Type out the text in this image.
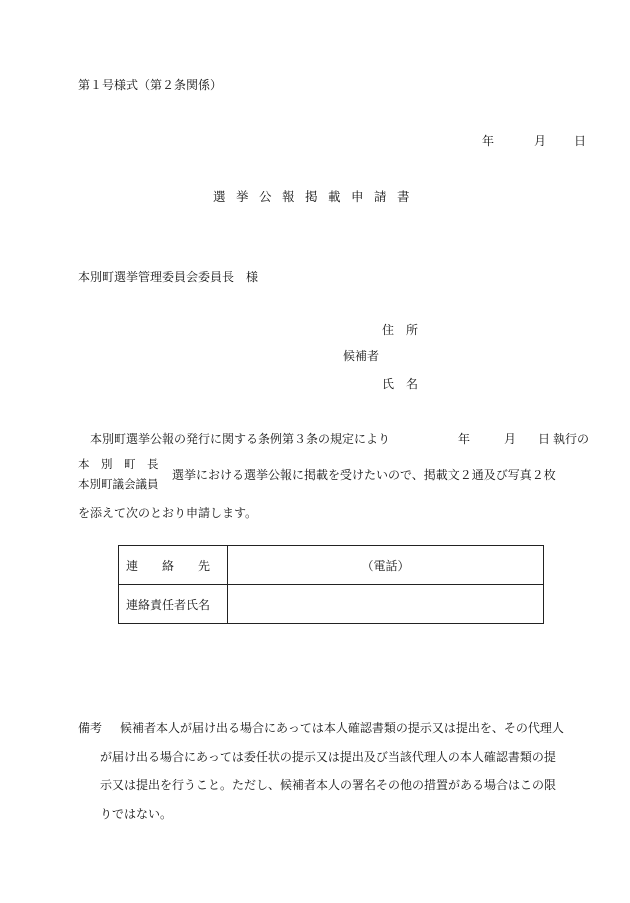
第１号様式（第２条関係）
年	月 日
選挙公報掲載申請書
本別町選挙管理委員会委員長　様
住　所
候補者
氏　名
本別町選挙公報の発行に関する条例第３条の規定により	年	月 日 執行の
本　別　町　長
本別町議会議員
選挙における選挙公報に掲載を受けたいので、掲載文２通及び写真２枚
を添えて次のとおり申請します。
連　　絡　　先	（電話）
連絡責任者氏名	
備考 候補者本人が届け出る場合にあっては本人確認書類の提示又は提出を、その代理人
が届け出る場合にあっては委任状の提示又は提出及び当該代理人の本人確認書類の提
示又は提出を行うこと。ただし、候補者本人の署名その他の措置がある場合はこの限
りではない。
